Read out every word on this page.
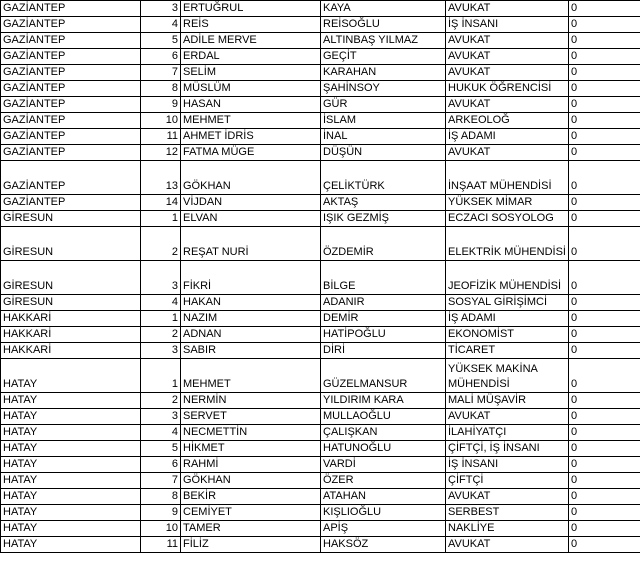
GAZİANTEP	3	ERTUĞRUL	KAYA	AVUKAT	0
GAZİANTEP	4	REİS	REİSOĞLU	İŞ İNSANI	0
GAZİANTEP	5	ADİLE MERVE	ALTINBAŞ YILMAZ	AVUKAT	0
GAZİANTEP	6	ERDAL	GEÇİT	AVUKAT	0
GAZİANTEP	7	SELİM	KARAHAN	AVUKAT	0
GAZİANTEP	8	MÜSLÜM	ŞAHİNSOY	HUKUK ÖĞRENCİSİ	0
GAZİANTEP	9	HASAN	GÜR	AVUKAT	0
GAZİANTEP	10	MEHMET	İSLAM	ARKEOLOĞ	0
GAZİANTEP	11	AHMET İDRİS	İNAL	İŞ ADAMI	0
GAZİANTEP	12	FATMA MÜGE	DÜŞÜN	AVUKAT	0
GAZİANTEP	13	GÖKHAN	ÇELİKTÜRK	İNŞAAT MÜHENDİSİ	0
GAZİANTEP	14	VİJDAN	AKTAŞ	YÜKSEK MİMAR	0
GİRESUN	1	ELVAN	IŞIK GEZMİŞ	ECZACI SOSYOLOG	0
GİRESUN	2	REŞAT NURİ	ÖZDEMİR	ELEKTRİK MÜHENDİSİ	0
GİRESUN	3	FİKRİ	BİLGE	JEOFİZİK MÜHENDİSİ	0
GİRESUN	4	HAKAN	ADANIR	SOSYAL GİRİŞİMCİ	0
HAKKARİ	1	NAZIM	DEMİR	İŞ ADAMI	0
HAKKARİ	2	ADNAN	HATİPOĞLU	EKONOMİST	0
HAKKARİ	3	SABIR	DİRİ	TİCARET	0
HATAY	1	MEHMET	GÜZELMANSUR	YÜKSEK MAKİNA MÜHENDİSİ	0
HATAY	2	NERMİN	YILDIRIM KARA	MALİ MÜŞAVİR	0
HATAY	3	SERVET	MULLAOĞLU	AVUKAT	0
HATAY	4	NECMETTİN	ÇALIŞKAN	İLAHİYATÇI	0
HATAY	5	HİKMET	HATUNOĞLU	ÇİFTÇİ, İŞ İNSANI	0
HATAY	6	RAHMİ	VARDİ	İŞ İNSANI	0
HATAY	7	GÖKHAN	ÖZER	ÇİFTÇİ	0
HATAY	8	BEKİR	ATAHAN	AVUKAT	0
HATAY	9	CEMİYET	KIŞLIOĞLU	SERBEST	0
HATAY	10	TAMER	APİŞ	NAKLİYE	0
HATAY	11	FİLİZ	HAKSÖZ	AVUKAT	0
